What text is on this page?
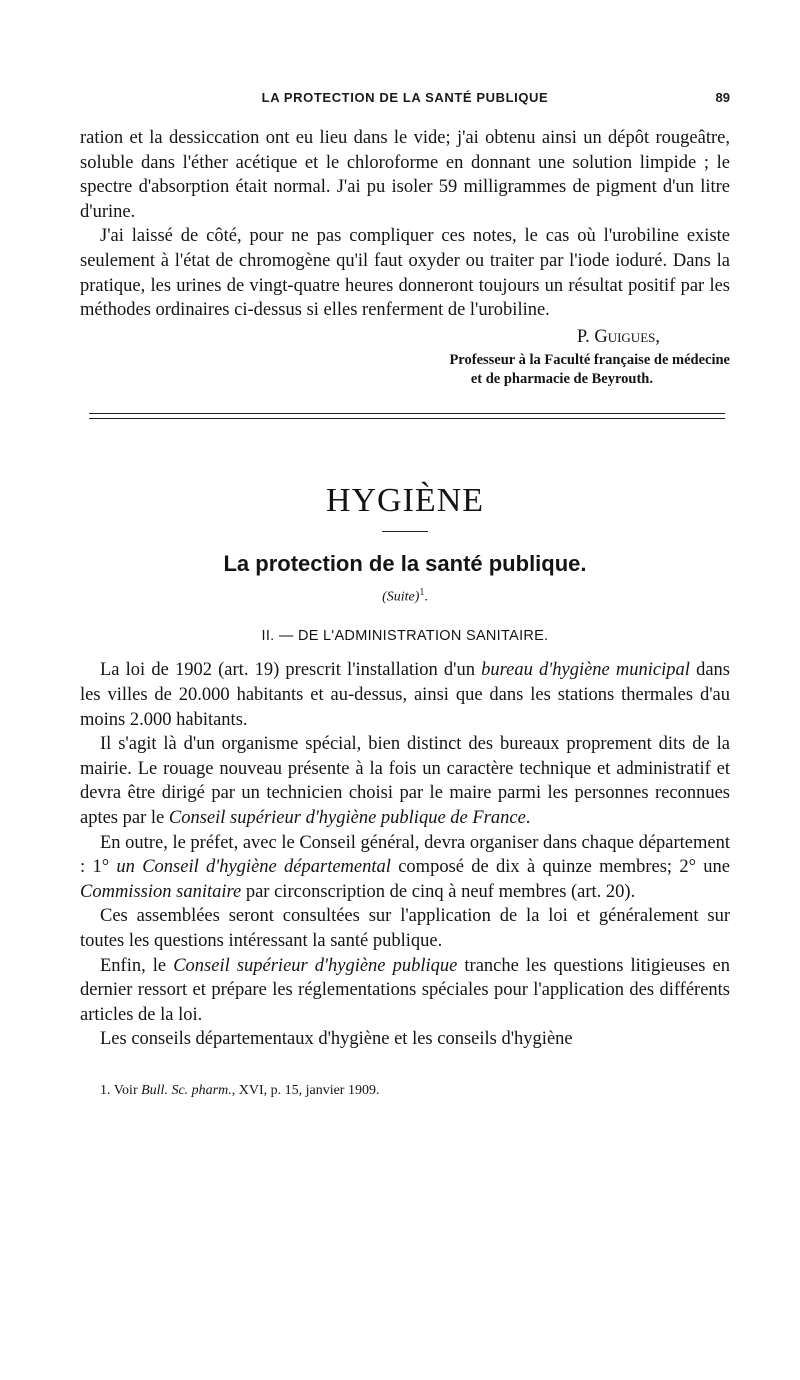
LA PROTECTION DE LA SANTÉ PUBLIQUE	89

ration et la dessiccation ont eu lieu dans le vide; j'ai obtenu ainsi un dépôt rougeâtre, soluble dans l'éther acétique et le chloroforme en donnant une solution limpide ; le spectre d'absorption était normal. J'ai pu isoler 59 milligrammes de pigment d'un litre d'urine.

J'ai laissé de côté, pour ne pas compliquer ces notes, le cas où l'urobiline existe seulement à l'état de chromogène qu'il faut oxyder ou traiter par l'iode ioduré. Dans la pratique, les urines de vingt-quatre heures donneront toujours un résultat positif par les méthodes ordinaires ci-dessus si elles renferment de l'urobiline.

P. Guigues,
Professeur à la Faculté française de médecine
et de pharmacie de Beyrouth.
HYGIÈNE
La protection de la santé publique.
(Suite)$^1$.
II. — DE L'ADMINISTRATION SANITAIRE.

La loi de 1902 (art. 19) prescrit l'installation d'un bureau d'hygiène municipal dans les villes de 20.000 habitants et au-dessus, ainsi que dans les stations thermales d'au moins 2.000 habitants.

Il s'agit là d'un organisme spécial, bien distinct des bureaux proprement dits de la mairie. Le rouage nouveau présente à la fois un caractère technique et administratif et devra être dirigé par un technicien choisi par le maire parmi les personnes reconnues aptes par le Conseil supérieur d'hygiène publique de France.

En outre, le préfet, avec le Conseil général, devra organiser dans chaque département : 1° un Conseil d'hygiène départemental composé de dix à quinze membres; 2° une Commission sanitaire par circonscription de cinq à neuf membres (art. 20).

Ces assemblées seront consultées sur l'application de la loi et généralement sur toutes les questions intéressant la santé publique.

Enfin, le Conseil supérieur d'hygiène publique tranche les questions litigieuses en dernier ressort et prépare les réglementations spéciales pour l'application des différents articles de la loi.

Les conseils départementaux d'hygiène et les conseils d'hygiène

1. Voir Bull. Sc. pharm., XVI, p. 15, janvier 1909.
